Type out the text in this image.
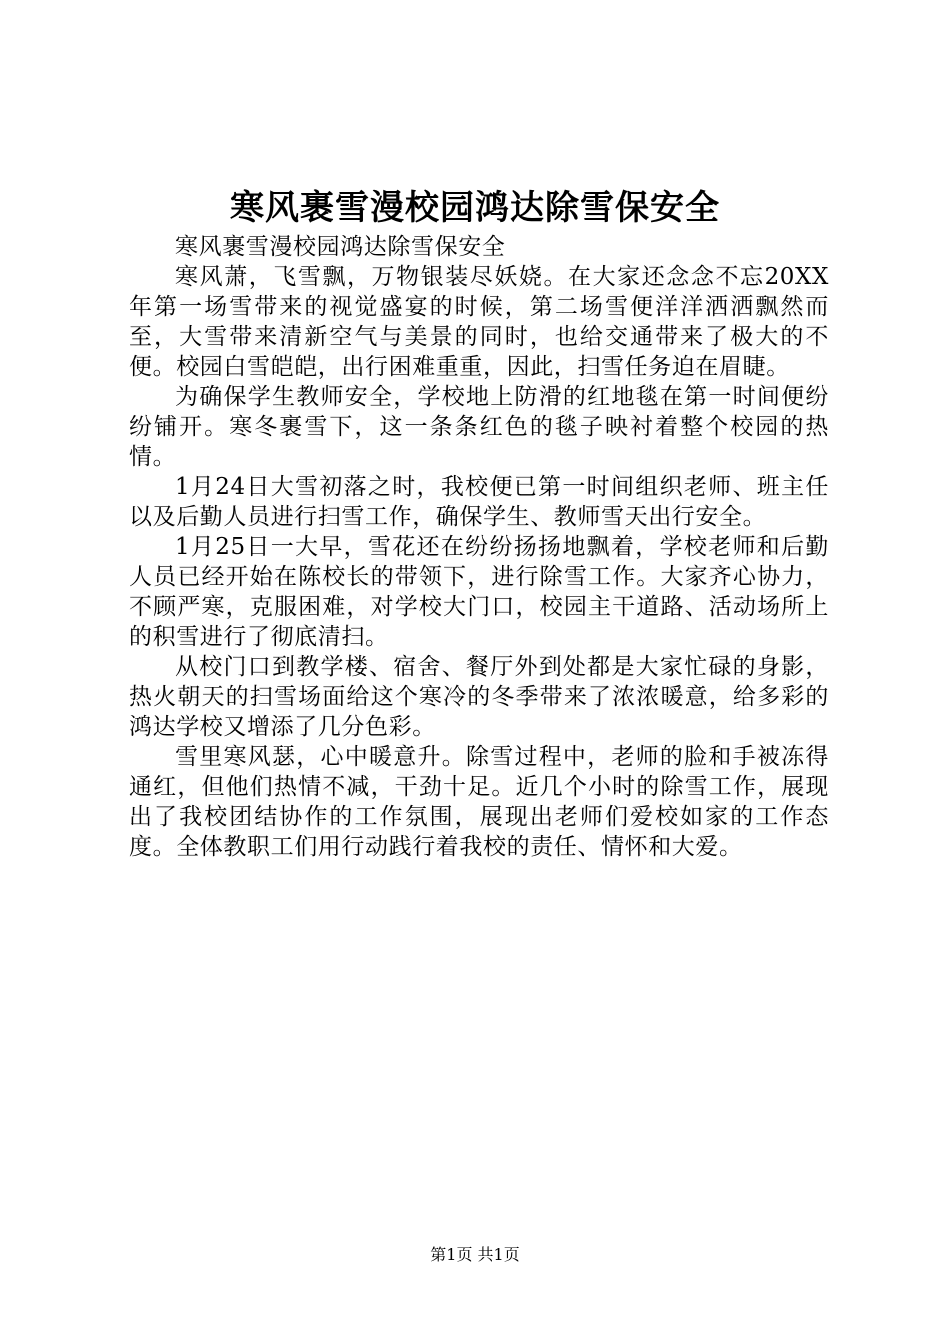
寒风裹雪漫校园鸿达除雪保安全

寒风裹雪漫校园鸿达除雪保安全

寒风萧，飞雪飘，万物银装尽妖娆。在大家还念念不忘20XX年第一场雪带来的视觉盛宴的时候，第二场雪便洋洋洒洒飘然而至，大雪带来清新空气与美景的同时，也给交通带来了极大的不便。校园白雪皑皑，出行困难重重，因此，扫雪任务迫在眉睫。

为确保学生教师安全，学校地上防滑的红地毯在第一时间便纷纷铺开。寒冬裹雪下，这一条条红色的毯子映衬着整个校园的热情。

1月24日大雪初落之时，我校便已第一时间组织老师、班主任以及后勤人员进行扫雪工作，确保学生、教师雪天出行安全。

1月25日一大早，雪花还在纷纷扬扬地飘着，学校老师和后勤人员已经开始在陈校长的带领下，进行除雪工作。大家齐心协力，不顾严寒，克服困难，对学校大门口，校园主干道路、活动场所上的积雪进行了彻底清扫。

从校门口到教学楼、宿舍、餐厅外到处都是大家忙碌的身影，热火朝天的扫雪场面给这个寒冷的冬季带来了浓浓暖意，给多彩的鸿达学校又增添了几分色彩。

雪里寒风瑟，心中暖意升。除雪过程中，老师的脸和手被冻得通红，但他们热情不减，干劲十足。近几个小时的除雪工作，展现出了我校团结协作的工作氛围，展现出老师们爱校如家的工作态度。全体教职工们用行动践行着我校的责任、情怀和大爱。

第1页 共1页
